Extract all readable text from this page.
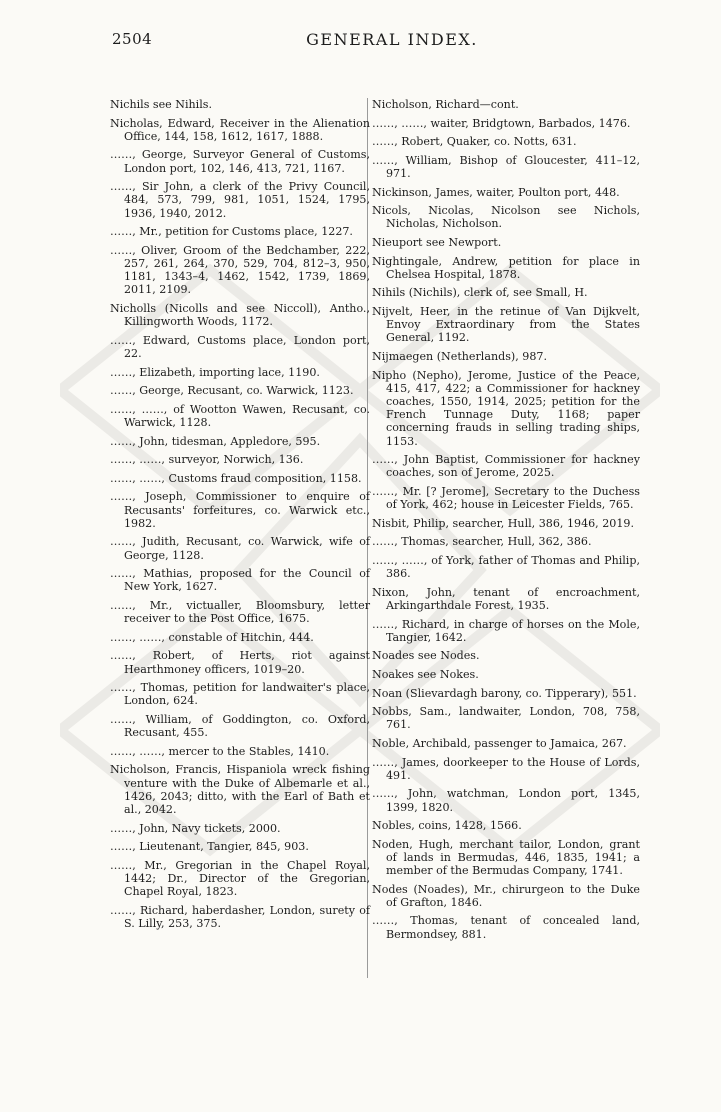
2504	GENERAL INDEX.

Nichils see Nihils.

Nicholas, Edward, Receiver in the Alienation Office, 144, 158, 1612, 1617, 1888.

……, George, Surveyor General of Customs, London port, 102, 146, 413, 721, 1167.

……, Sir John, a clerk of the Privy Council, 484, 573, 799, 981, 1051, 1524, 1795, 1936, 1940, 2012.

……, Mr., petition for Customs place, 1227.

……, Oliver, Groom of the Bedchamber, 222, 257, 261, 264, 370, 529, 704, 812–3, 950, 1181, 1343–4, 1462, 1542, 1739, 1869, 2011, 2109.

Nicholls (Nicolls and see Niccoll), Antho., Killingworth Woods, 1172.

……, Edward, Customs place, London port, 22.

……, Elizabeth, importing lace, 1190.

……, George, Recusant, co. Warwick, 1123.

……, ……, of Wootton Wawen, Recusant, co. Warwick, 1128.

……, John, tidesman, Appledore, 595.

……, ……, surveyor, Norwich, 136.

……, ……, Customs fraud composition, 1158.

……, Joseph, Commissioner to enquire of Recusants' forfeitures, co. Warwick etc., 1982.

……, Judith, Recusant, co. Warwick, wife of George, 1128.

……, Mathias, proposed for the Council of New York, 1627.

……, Mr., victualler, Bloomsbury, letter receiver to the Post Office, 1675.

……, ……, constable of Hitchin, 444.

……, Robert, of Herts, riot against Hearthmoney officers, 1019–20.

……, Thomas, petition for landwaiter's place, London, 624.

……, William, of Goddington, co. Oxford, Recusant, 455.

……, ……, mercer to the Stables, 1410.

Nicholson, Francis, Hispaniola wreck fishing venture with the Duke of Albemarle et al., 1426, 2043; ditto, with the Earl of Bath et al., 2042.

……, John, Navy tickets, 2000.

……, Lieutenant, Tangier, 845, 903.

……, Mr., Gregorian in the Chapel Royal, 1442; Dr., Director of the Gregorian, Chapel Royal, 1823.

……, Richard, haberdasher, London, surety of S. Lilly, 253, 375.

Nicholson, Richard—cont.

……, ……, waiter, Bridgtown, Barbados, 1476.

……, Robert, Quaker, co. Notts, 631.

……, William, Bishop of Gloucester, 411–12, 971.

Nickinson, James, waiter, Poulton port, 448.

Nicols, Nicolas, Nicolson see Nichols, Nicholas, Nicholson.

Nieuport see Newport.

Nightingale, Andrew, petition for place in Chelsea Hospital, 1878.

Nihils (Nichils), clerk of, see Small, H.

Nijvelt, Heer, in the retinue of Van Dijkvelt, Envoy Extraordinary from the States General, 1192.

Nijmaegen (Netherlands), 987.

Nipho (Nepho), Jerome, Justice of the Peace, 415, 417, 422; a Commissioner for hackney coaches, 1550, 1914, 2025; petition for the French Tunnage Duty, 1168; paper concerning frauds in selling trading ships, 1153.

……, John Baptist, Commissioner for hackney coaches, son of Jerome, 2025.

……, Mr. [? Jerome], Secretary to the Duchess of York, 462; house in Leicester Fields, 765.

Nisbit, Philip, searcher, Hull, 386, 1946, 2019.

……, Thomas, searcher, Hull, 362, 386.

……, ……, of York, father of Thomas and Philip, 386.

Nixon, John, tenant of encroachment, Arkingarthdale Forest, 1935.

……, Richard, in charge of horses on the Mole, Tangier, 1642.

Noades see Nodes.

Noakes see Nokes.

Noan (Slievardagh barony, co. Tipperary), 551.

Nobbs, Sam., landwaiter, London, 708, 758, 761.

Noble, Archibald, passenger to Jamaica, 267.

……, James, doorkeeper to the House of Lords, 491.

……, John, watchman, London port, 1345, 1399, 1820.

Nobles, coins, 1428, 1566.

Noden, Hugh, merchant tailor, London, grant of lands in Bermudas, 446, 1835, 1941; a member of the Bermudas Company, 1741.

Nodes (Noades), Mr., chirurgeon to the Duke of Grafton, 1846.

……, Thomas, tenant of concealed land, Bermondsey, 881.
